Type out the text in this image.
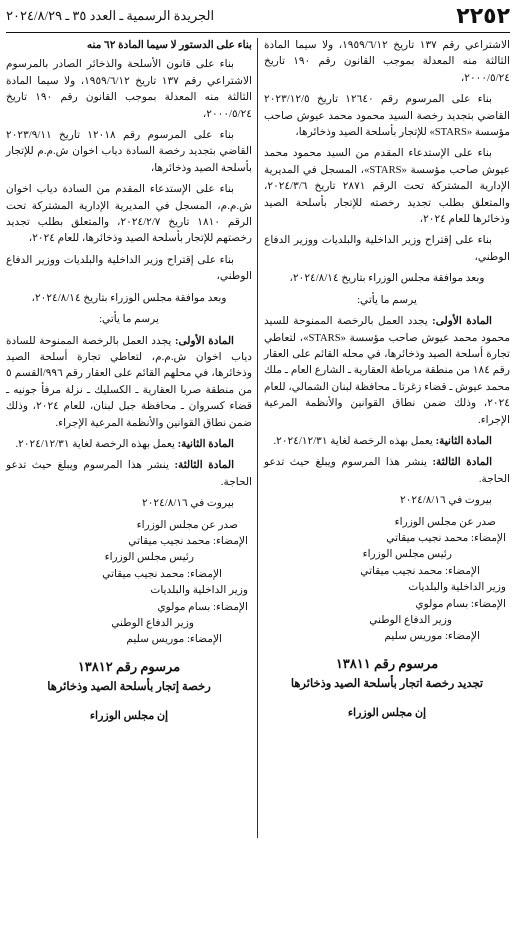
٢٢٥٢
الجريدة الرسمية ـ العدد ٣٥ ـ ٢٠٢٤/٨/٢٩

الاشتراعي رقم ١٣٧ تاريخ ١٩٥٩/٦/١٢، ولا سيما المادة الثالثة منه المعدلة بموجب القانون رقم ١٩٠ تاريخ ٢٠٠٠/٥/٢٤،

بناء على المرسوم رقم ١٢٦٤٠ تاريخ ٢٠٢٣/١٢/٥ القاضي بتجديد رخصة السيد محمود محمد عيوش صاحب مؤسسة «STARS» للإتجار بأسلحة الصيد وذخائرها،

بناء على الإستدعاء المقدم من السيد محمود محمد عيوش صاحب مؤسسة «STARS»، المسجل في المديرية الإدارية المشتركة تحت الرقم ٢٨٧١ تاريخ ٢٠٢٤/٣/٦، والمتعلق بطلب تجديد رخصته للإتجار بأسلحة الصيد وذخائرها للعام ٢٠٢٤،

بناء على إقتراح وزير الداخلية والبلديات ووزير الدفاع الوطني،

وبعد موافقة مجلس الوزراء بتاريخ ٢٠٢٤/٨/١٤،

يرسم ما يأتي:

المادة الأولى: يجدد العمل بالرخصة الممنوحة للسيد محمود محمد عيوش صاحب مؤسسة «STARS»، لتعاطي تجارة أسلحة الصيد وذخائرها، في محله القائم على العقار رقم ١٨٤ من منطقة مرياطة العقارية ـ الشارع العام ـ ملك محمد عيوش ـ قضاء زغرتا ـ محافظة لبنان الشمالي، للعام ٢٠٢٤، وذلك ضمن نطاق القوانين والأنظمة المرعية الإجراء.

المادة الثانية: يعمل بهذه الرخصة لغاية ٢٠٢٤/١٢/٣١.

المادة الثالثة: ينشر هذا المرسوم ويبلغ حيث تدعو الحاجة.

بيروت في ٢٠٢٤/٨/١٦

صدر عن مجلس الوزراء

الإمضاء: محمد نجيب ميقاتي

رئيس مجلس الوزراء

الإمضاء: محمد نجيب ميقاتي

وزير الداخلية والبلديات

الإمضاء: بسام مولوي

وزير الدفاع الوطني

الإمضاء: موريس سليم

مرسوم رقم ١٣٨١١
تجديد رخصة اتجار بأسلحة الصيد وذخائرها
إن مجلس الوزراء

بناء على الدستور لا سيما المادة ٦٢ منه

بناء على قانون الأسلحة والذخائر الصادر بالمرسوم الاشتراعي رقم ١٣٧ تاريخ ١٩٥٩/٦/١٢، ولا سيما المادة الثالثة منه المعدلة بموجب القانون رقم ١٩٠ تاريخ ٢٠٠٠/٥/٢٤،

بناء على المرسوم رقم ١٢٠١٨ تاريخ ٢٠٢٣/٩/١١ القاضي بتجديد رخصة السادة دياب اخوان ش.م.م للإتجار بأسلحة الصيد وذخائرها،

بناء على الإستدعاء المقدم من السادة دياب اخوان ش.م.م، المسجل في المديرية الإدارية المشتركة تحت الرقم ١٨١٠ تاريخ ٢٠٢٤/٢/٧، والمتعلق بطلب تجديد رخصتهم للإتجار بأسلحة الصيد وذخائرها، للعام ٢٠٢٤،

بناء على إقتراح وزير الداخلية والبلديات ووزير الدفاع الوطني،

وبعد موافقة مجلس الوزراء بتاريخ ٢٠٢٤/٨/١٤،

يرسم ما يأتي:

المادة الأولى: يجدد العمل بالرخصة الممنوحة للسادة دياب اخوان ش.م.م، لتعاطي تجارة أسلحة الصيد وذخائرها، في محلهم القائم على العقار رقم ٩٩٦/القسم ٥ من منطقة صربا العقارية ـ الكسليك ـ نزلة مرفأ جونيه ـ قضاء كسروان ـ محافظة جبل لبنان، للعام ٢٠٢٤، وذلك ضمن نطاق القوانين والأنظمة المرعية الإجراء.

المادة الثانية: يعمل بهذه الرخصة لغاية ٢٠٢٤/١٢/٣١.

المادة الثالثة: ينشر هذا المرسوم ويبلغ حيث تدعو الحاجة.

بيروت في ٢٠٢٤/٨/١٦

صدر عن مجلس الوزراء

الإمضاء: محمد نجيب ميقاتي

رئيس مجلس الوزراء

الإمضاء: محمد نجيب ميقاتي

وزير الداخلية والبلديات

الإمضاء: بسام مولوي

وزير الدفاع الوطني

الإمضاء: موريس سليم

مرسوم رقم ١٣٨١٢
رخصة إتجار بأسلحة الصيد وذخائرها
إن مجلس الوزراء
